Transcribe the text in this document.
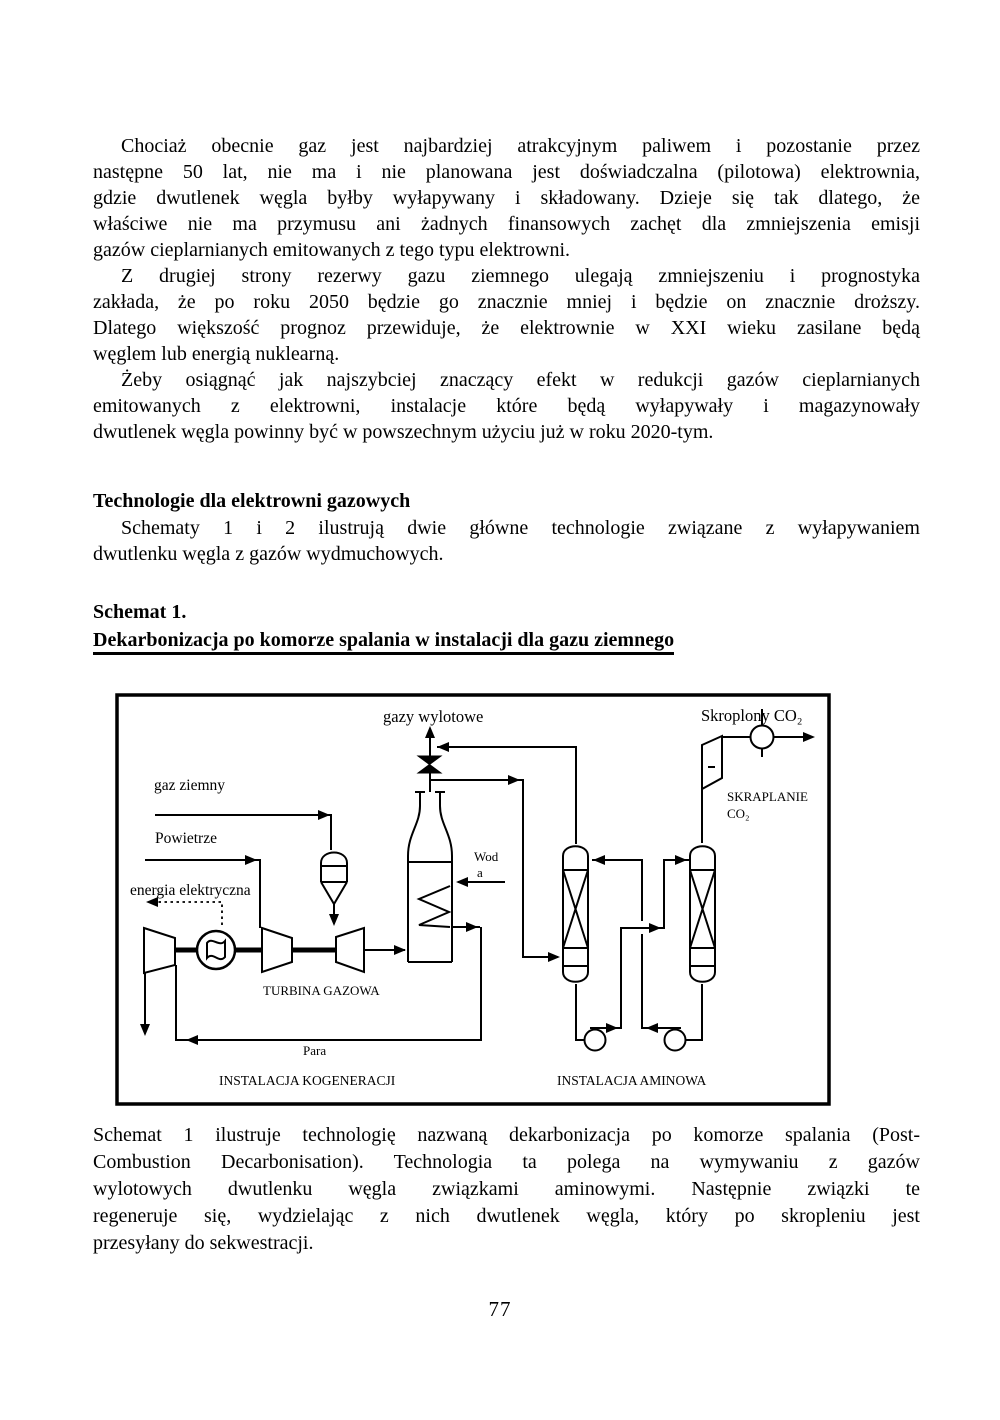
Chociaż obecnie gaz jest najbardziej atrakcyjnym paliwem i pozostanie przez
następne 50 lat, nie ma i nie planowana jest doświadczalna (pilotowa) elektrownia,
gdzie dwutlenek węgla byłby wyłapywany i składowany. Dzieje się tak dlatego, że
właściwe nie ma przymusu ani żadnych finansowych zachęt dla zmniejszenia emisji
gazów cieplarnianych emitowanych z tego typu elektrowni.
Z drugiej strony rezerwy gazu ziemnego ulegają zmniejszeniu i prognostyka
zakłada, że po roku 2050 będzie go znacznie mniej i będzie on znacznie droższy.
Dlatego większość prognoz przewiduje, że elektrownie w XXI wieku zasilane będą
węglem lub energią nuklearną.
Żeby osiągnąć jak najszybciej znaczący efekt w redukcji gazów cieplarnianych
emitowanych z elektrowni, instalacje które będą wyłapywały i magazynowały
dwutlenek węgla powinny być w powszechnym użyciu już w roku 2020-tym.
Technologie dla elektrowni gazowych
Schematy 1 i 2 ilustrują dwie główne technologie związane z wyłapywaniem
dwutlenku węgla z gazów wydmuchowych.
Schemat 1.
Dekarbonizacja po komorze spalania w instalacji dla gazu ziemnego
gazy wylotowe	Skroplony CO₂
gaz ziemny
Powietrze
energia elektryczna
Wod
a
SKRAPLANIE
CO₂
TURBINA GAZOWA
Para
INSTALACJA KOGENERACJI	INSTALACJA AMINOWA
Schemat 1 ilustruje technologię nazwaną dekarbonizacja po komorze spalania (Post-
Combustion Decarbonisation). Technologia ta polega na wymywaniu z gazów
wylotowych dwutlenku węgla związkami aminowymi. Następnie związki te
regeneruje się, wydzielając z nich dwutlenek węgla, który po skropleniu jest
przesyłany do sekwestracji.
77
